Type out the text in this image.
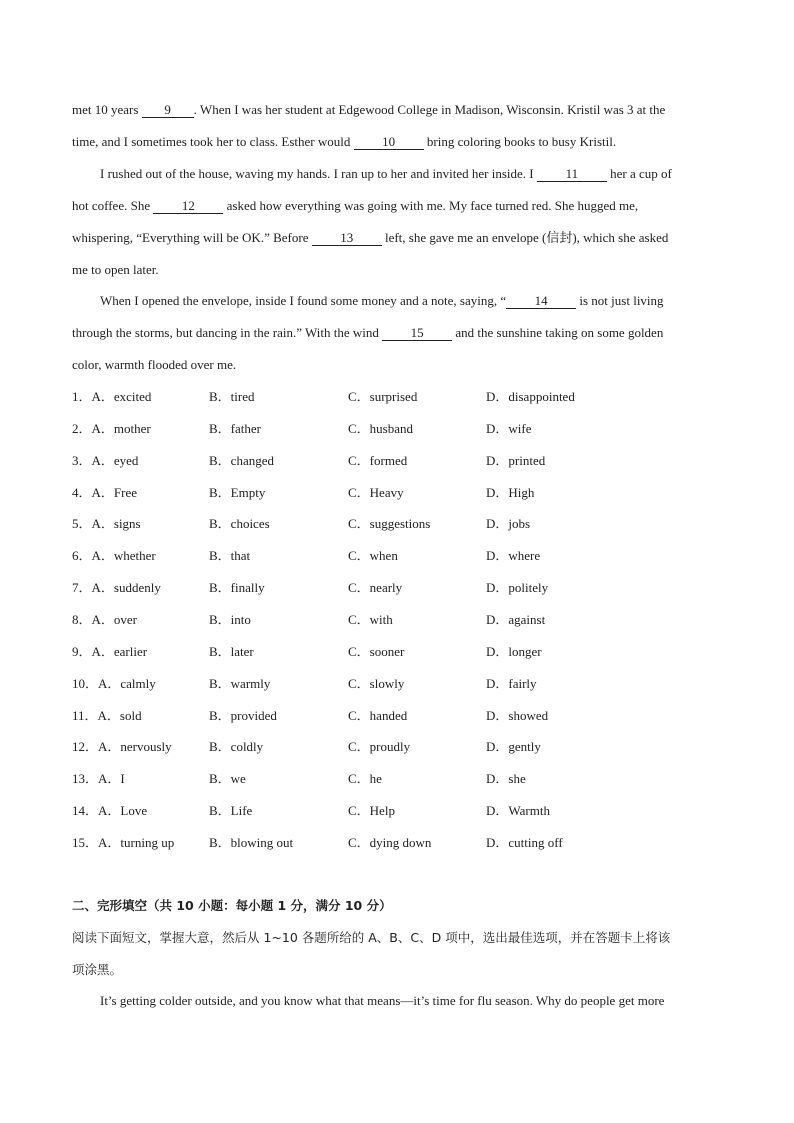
met 10 years 9 . When I was her student at Edgewood College in Madison, Wisconsin. Kristil was 3 at the
time, and I sometimes took her to class. Esther would 10 bring coloring books to busy Kristil.
I rushed out of the house, waving my hands. I ran up to her and invited her inside. I 11 her a cup of
hot coffee. She 12 asked how everything was going with me. My face turned red. She hugged me,
whispering, “Everything will be OK.” Before 13 left, she gave me an envelope (信封), which she asked
me to open later.
When I opened the envelope, inside I found some money and a note, saying, “ 14 is not just living
through the storms, but dancing in the rain.” With the wind 15 and the sunshine taking on some golden
color, warmth flooded over me.
1．A．excited	B．tired	C．surprised	D．disappointed
2．A．mother	B．father	C．husband	D．wife
3．A．eyed	B．changed	C．formed	D．printed
4．A．Free	B．Empty	C．Heavy	D．High
5．A．signs	B．choices	C．suggestions	D．jobs
6．A．whether	B．that	C．when	D．where
7．A．suddenly	B．finally	C．nearly	D．politely
8．A．over	B．into	C．with	D．against
9．A．earlier	B．later	C．sooner	D．longer
10．A．calmly	B．warmly	C．slowly	D．fairly
11．A．sold	B．provided	C．handed	D．showed
12．A．nervously	B．coldly	C．proudly	D．gently
13．A．I	B．we	C．he	D．she
14．A．Love	B．Life	C．Help	D．Warmth
15．A．turning up	B．blowing out	C．dying down	D．cutting off
二、完形填空（共 10 小题：每小题 1 分，满分 10 分）
阅读下面短文，掌握大意，然后从 1~10 各题所给的 A、B、C、D 项中，选出最佳选项，并在答题卡上将该
项涂黑。
It’s getting colder outside, and you know what that means—it’s time for flu season. Why do people get more
